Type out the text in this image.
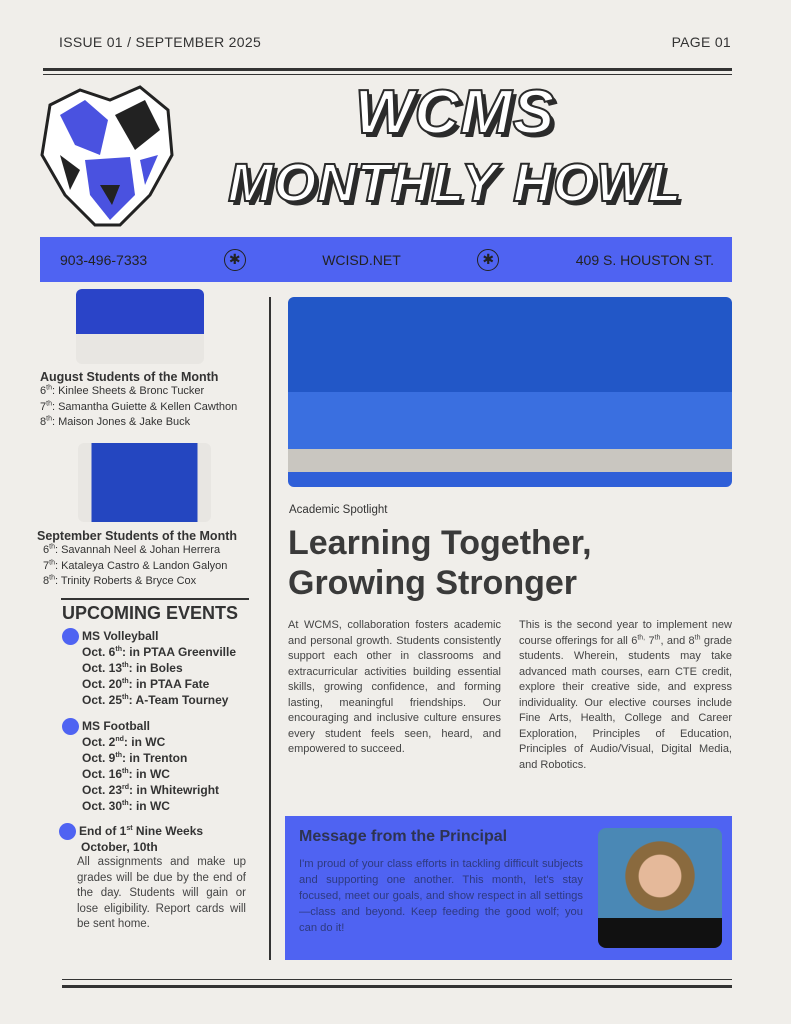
ISSUE 01 / SEPTEMBER 2025	PAGE 01
WCMS
MONTHLY HOWL
903-496-7333	✱	WCISD.NET	✱	409 S. HOUSTON ST.
August Students of the Month
6th: Kinlee Sheets & Bronc Tucker
7th: Samantha Guiette & Kellen Cawthon
8th: Maison Jones & Jake Buck
September Students of the Month
6th: Savannah Neel & Johan Herrera
7th: Kataleya Castro & Landon Galyon
8th: Trinity Roberts & Bryce Cox
UPCOMING EVENTS
MS Volleyball
Oct. 6th: in PTAA Greenville
Oct. 13th: in Boles
Oct. 20th: in PTAA Fate
Oct. 25th: A-Team Tourney
MS Football
Oct. 2nd: in WC
Oct. 9th: in Trenton
Oct. 16th: in WC
Oct. 23rd: in Whitewright
Oct. 30th: in WC
End of 1st Nine Weeks
October, 10th
All assignments and make up grades will be due by the end of the day. Students will gain or lose eligibility. Report cards will be sent home.
Academic Spotlight
Learning Together,
Growing Stronger
At WCMS, collaboration fosters academic and personal growth. Students consistently support each other in classrooms and extracurricular activities building essential skills, growing confidence, and forming lasting, meaningful friendships. Our encouraging and inclusive culture ensures every student feels seen, heard, and empowered to succeed.
This is the second year to implement new course offerings for all $6^{th,}$ 7th, and 8th grade students. Wherein, students may take advanced math courses, earn CTE credit, explore their creative side, and express individuality. Our elective courses include Fine Arts, Health, College and Career Exploration, Principles of Education, Principles of Audio/Visual, Digital Media, and Robotics.
Message from the Principal
I'm proud of your class efforts in tackling difficult subjects and supporting one another. This month, let's stay focused, meet our goals, and show respect in all settings—class and beyond. Keep feeding the good wolf; you can do it!
